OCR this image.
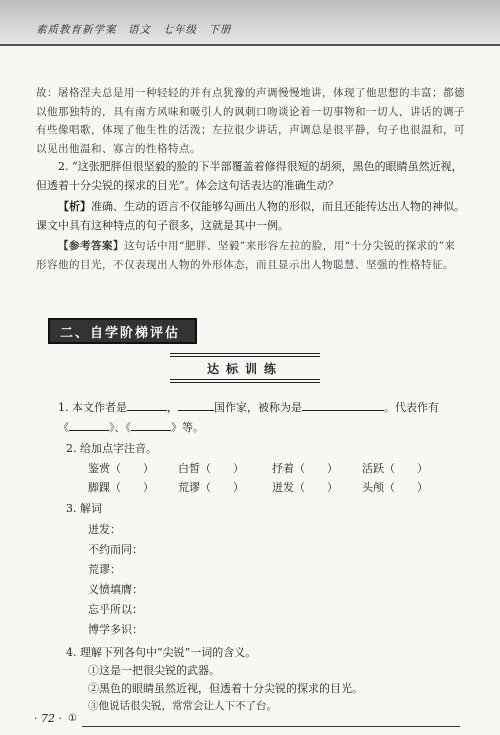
素质教育新学案　语文　七年级　下册
故：屠格涅夫总是用一种轻轻的并有点犹豫的声调慢慢地讲，体现了他思想的丰富；都德以他那独特的，具有南方风味和吸引人的讽刺口吻谈论着一切事物和一切人，讲话的调子有些像唱歌，体现了他生性的活泼；左拉很少讲话，声调总是很平静，句子也很温和，可以见出他温和、寡言的性格特点。
2. “这张肥胖但很坚毅的脸的下半部覆盖着修得很短的胡须，黑色的眼睛虽然近视，但透着十分尖锐的探求的目光”。体会这句话表达的准确生动？
【析】准确、生动的语言不仅能够勾画出人物的形似，而且还能传达出人物的神似。课文中具有这种特点的句子很多，这就是其中一例。
【参考答案】这句话中用“肥胖、坚毅”来形容左拉的脸，用“十分尖锐的探求的”来形容他的目光，不仅表现出人物的外形体态，而且显示出人物聪慧、坚强的性格特征。
二、自学阶梯评估
达标训练
1. 本文作者是	，	国作家，被称为是	。代表作有
《	》、《	》等。
2. 给加点字注音。
鉴赏（　　） 白皙（　　）	抒着（　　） 活跃（　　）
脚踝（　　） 荒谬（　　）	迸发（　　） 头颅（　　）
3. 解词
迸发：
不约而同：
荒谬：
义愤填膺：
忘乎所以：
博学多识：
4. 理解下列各句中“尖锐”一词的含义。
①这是一把很尖锐的武器。
②黑色的眼睛虽然近视，但透着十分尖锐的探求的目光。
③他说话很尖锐，常常会让人下不了台。
①
· 72 ·
